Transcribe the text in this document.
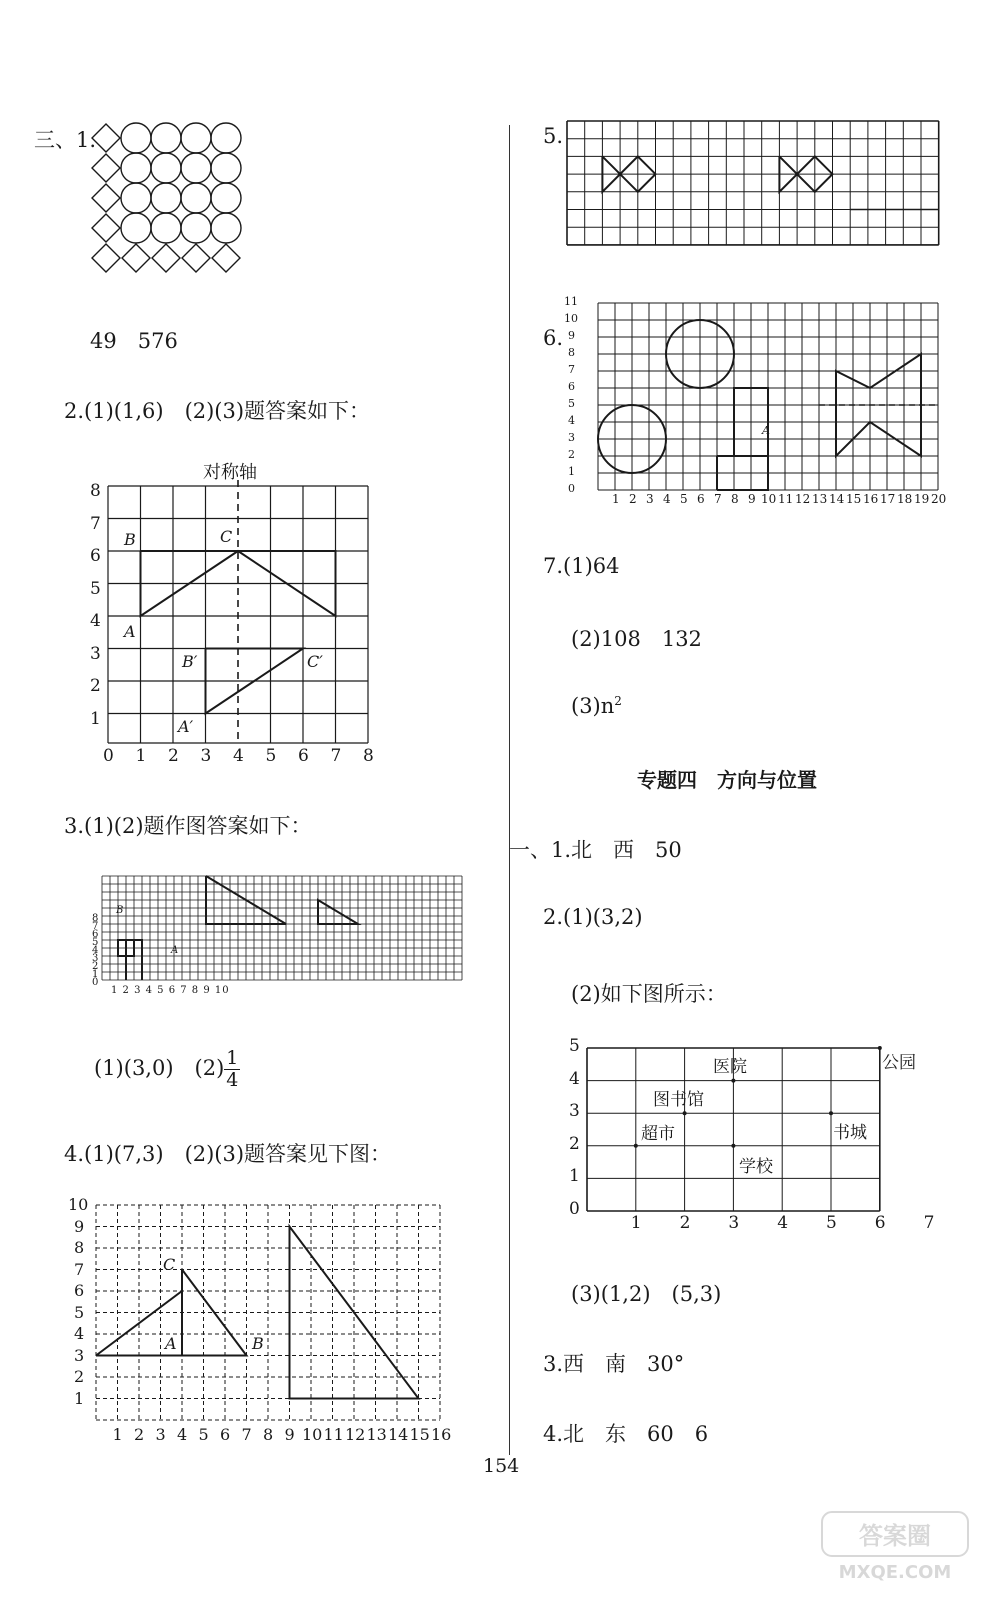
三、1.
49　576
2.(1)(1,6)　(2)(3)题答案如下：
对称轴
B	C
A
B′	C′
A′
1
2
3
4
5
6
7
8
0 1 2 3 4 5 6 7 8
3.(1)(2)题作图答案如下：
B
A
1 2 3 4 5 6 7 8 9 10
0
1
2
3
4
5
6
7
8
(1)(3,0)　$(2) \frac{1}{4}$
4.(1)(7,3)　(2)(3)题答案见下图：
C
A	B
1
2
3
4
5
6
7
8
9
10
1 2 3 4 5 6 7 8 9 10 11 12 13 14 15 16
5.
6.
A
0
1
2
3
4
5
6
7
8
9
10
11
1 2 3 4 5 6 7 8 9 10 11 12 13 14 15 16 17 18 19 20
7.(1)64
(2)108　132
$(3)n^2$
专题四　方向与位置
一、1.北　西　50
2.(1)(3,2)
(2)如下图所示：
医院	公园
图书馆
超市	书城
学校
0
1
2
3
4
5
1 2 3 4 5 6 7
(3)(1,2)　(5,3)
3.西　南　30°
4.北　东　60　6
154
答案圈
MXQE.COM
